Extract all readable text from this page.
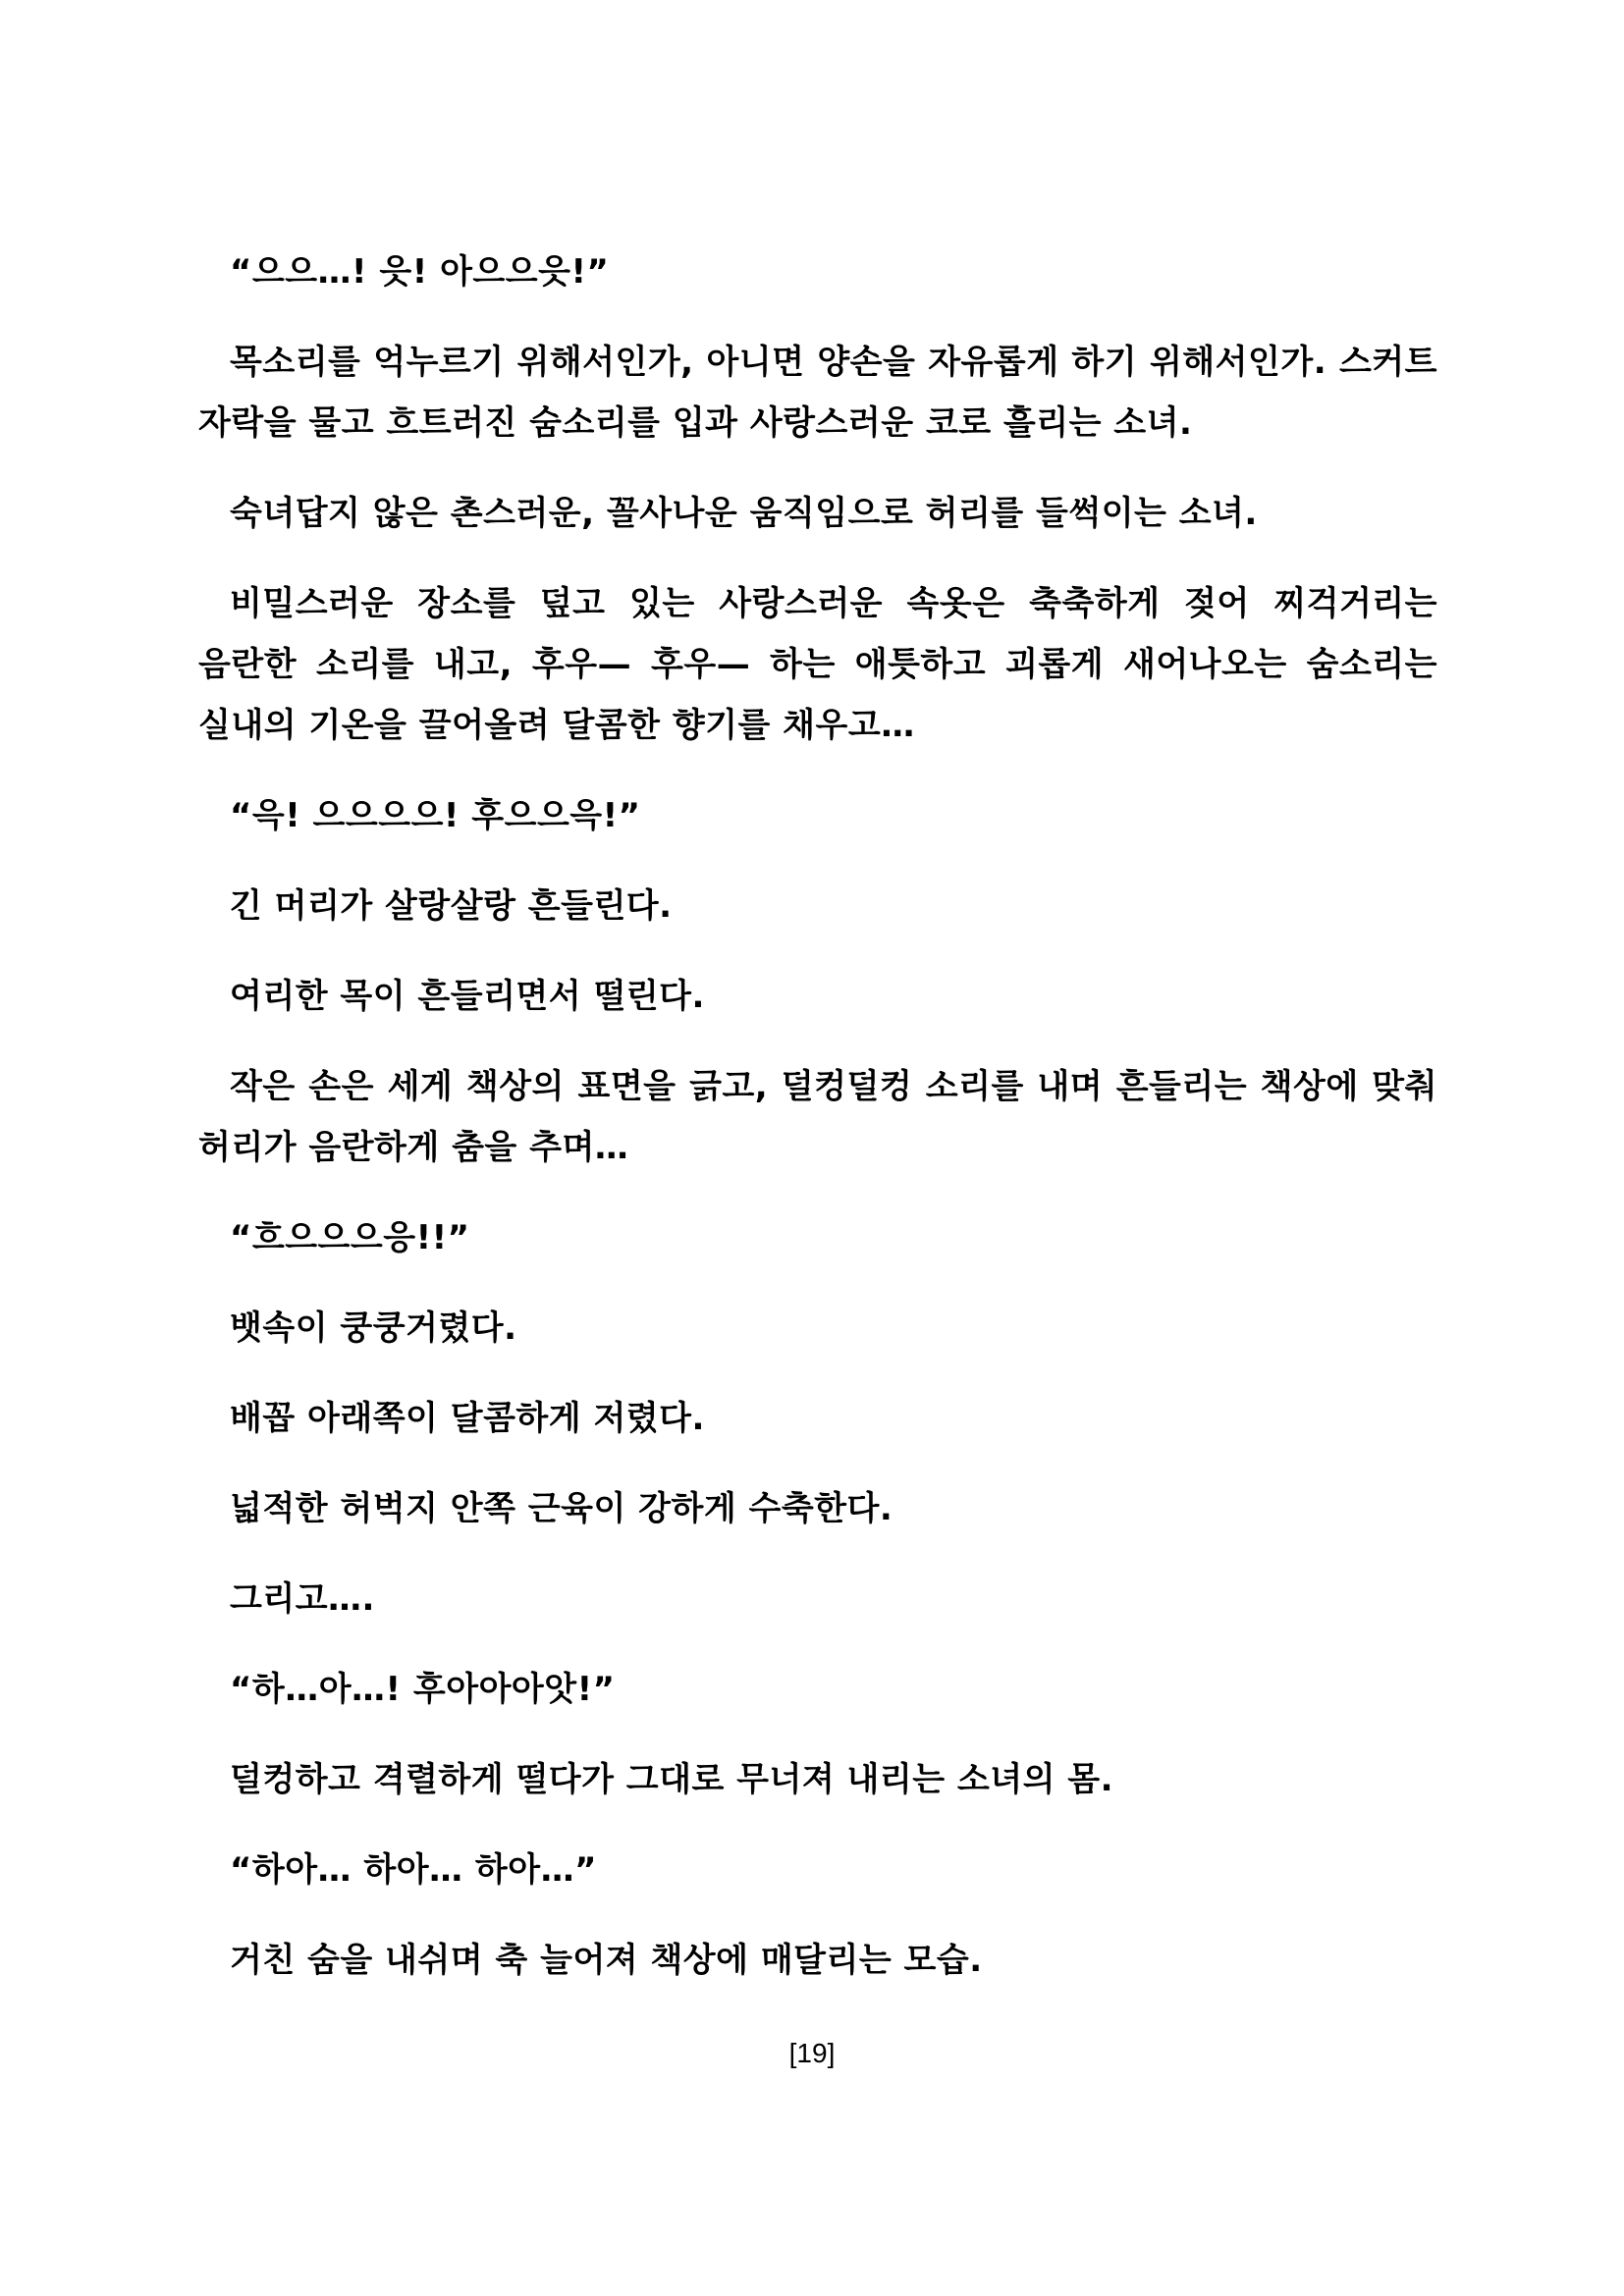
“으으…! 읏! 아으으읏!”

목소리를 억누르기 위해서인가, 아니면 양손을 자유롭게 하기 위해서인가. 스커트 자락을 물고 흐트러진 숨소리를 입과 사랑스러운 코로 흘리는 소녀.

숙녀답지 않은 촌스러운, 꼴사나운 움직임으로 허리를 들썩이는 소녀.

비밀스러운 장소를 덮고 있는 사랑스러운 속옷은 축축하게 젖어 찌걱거리는 음란한 소리를 내고, 후우— 후우— 하는 애틋하고 괴롭게 새어나오는 숨소리는 실내의 기온을 끌어올려 달콤한 향기를 채우고…

“윽! 으으으으! 후으으윽!”

긴 머리가 살랑살랑 흔들린다.

여리한 목이 흔들리면서 떨린다.

작은 손은 세게 책상의 표면을 긁고, 덜컹덜컹 소리를 내며 흔들리는 책상에 맞춰 허리가 음란하게 춤을 추며…

“흐으으으응!!”

뱃속이 쿵쿵거렸다.

배꼽 아래쪽이 달콤하게 저렸다.

넓적한 허벅지 안쪽 근육이 강하게 수축한다.

그리고….

“하…아…! 후아아아앗!”

덜컹하고 격렬하게 떨다가 그대로 무너져 내리는 소녀의 몸.

“하아… 하아… 하아…”

거친 숨을 내쉬며 축 늘어져 책상에 매달리는 모습.

[19]
